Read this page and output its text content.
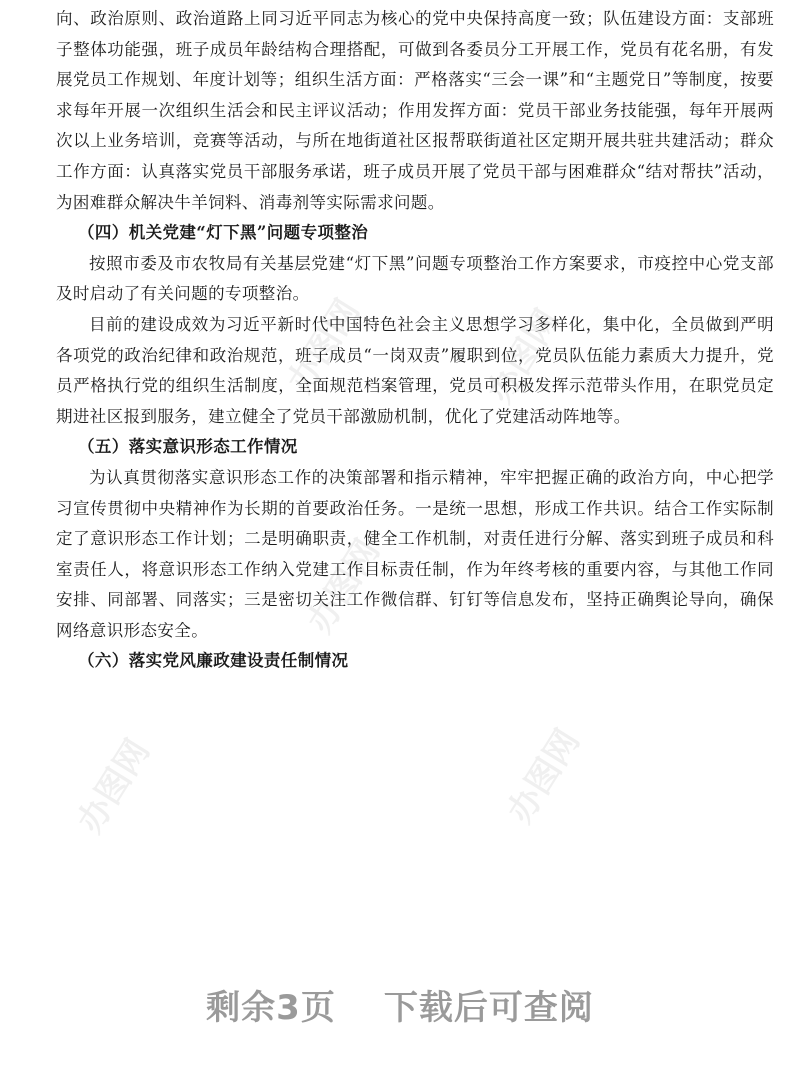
办图网	办图网
办图网
办图网	办图网

向、政治原则、政治道路上同习近平同志为核心的党中央保持高度一致；队伍建设方面：支部班子整体功能强，班子成员年龄结构合理搭配，可做到各委员分工开展工作，党员有花名册，有发展党员工作规划、年度计划等；组织生活方面：严格落实“三会一课”和“主题党日”等制度，按要求每年开展一次组织生活会和民主评议活动；作用发挥方面：党员干部业务技能强，每年开展两次以上业务培训，竞赛等活动，与所在地街道社区报帮联街道社区定期开展共驻共建活动；群众工作方面：认真落实党员干部服务承诺，班子成员开展了党员干部与困难群众“结对帮扶”活动，为困难群众解决牛羊饲料、消毒剂等实际需求问题。

（四）机关党建“灯下黑”问题专项整治

按照市委及市农牧局有关基层党建“灯下黑”问题专项整治工作方案要求，市疫控中心党支部及时启动了有关问题的专项整治。

目前的建设成效为习近平新时代中国特色社会主义思想学习多样化，集中化，全员做到严明各项党的政治纪律和政治规范，班子成员“一岗双责”履职到位，党员队伍能力素质大力提升，党员严格执行党的组织生活制度，全面规范档案管理，党员可积极发挥示范带头作用，在职党员定期进社区报到服务，建立健全了党员干部激励机制，优化了党建活动阵地等。

（五）落实意识形态工作情况

为认真贯彻落实意识形态工作的决策部署和指示精神，牢牢把握正确的政治方向，中心把学习宣传贯彻中央精神作为长期的首要政治任务。一是统一思想，形成工作共识。结合工作实际制定了意识形态工作计划；二是明确职责，健全工作机制，对责任进行分解、落实到班子成员和科室责任人，将意识形态工作纳入党建工作目标责任制，作为年终考核的重要内容，与其他工作同安排、同部署、同落实；三是密切关注工作微信群、钉钉等信息发布，坚持正确舆论导向，确保网络意识形态安全。

（六）落实党风廉政建设责任制情况
剩余3页 下载后可查阅
